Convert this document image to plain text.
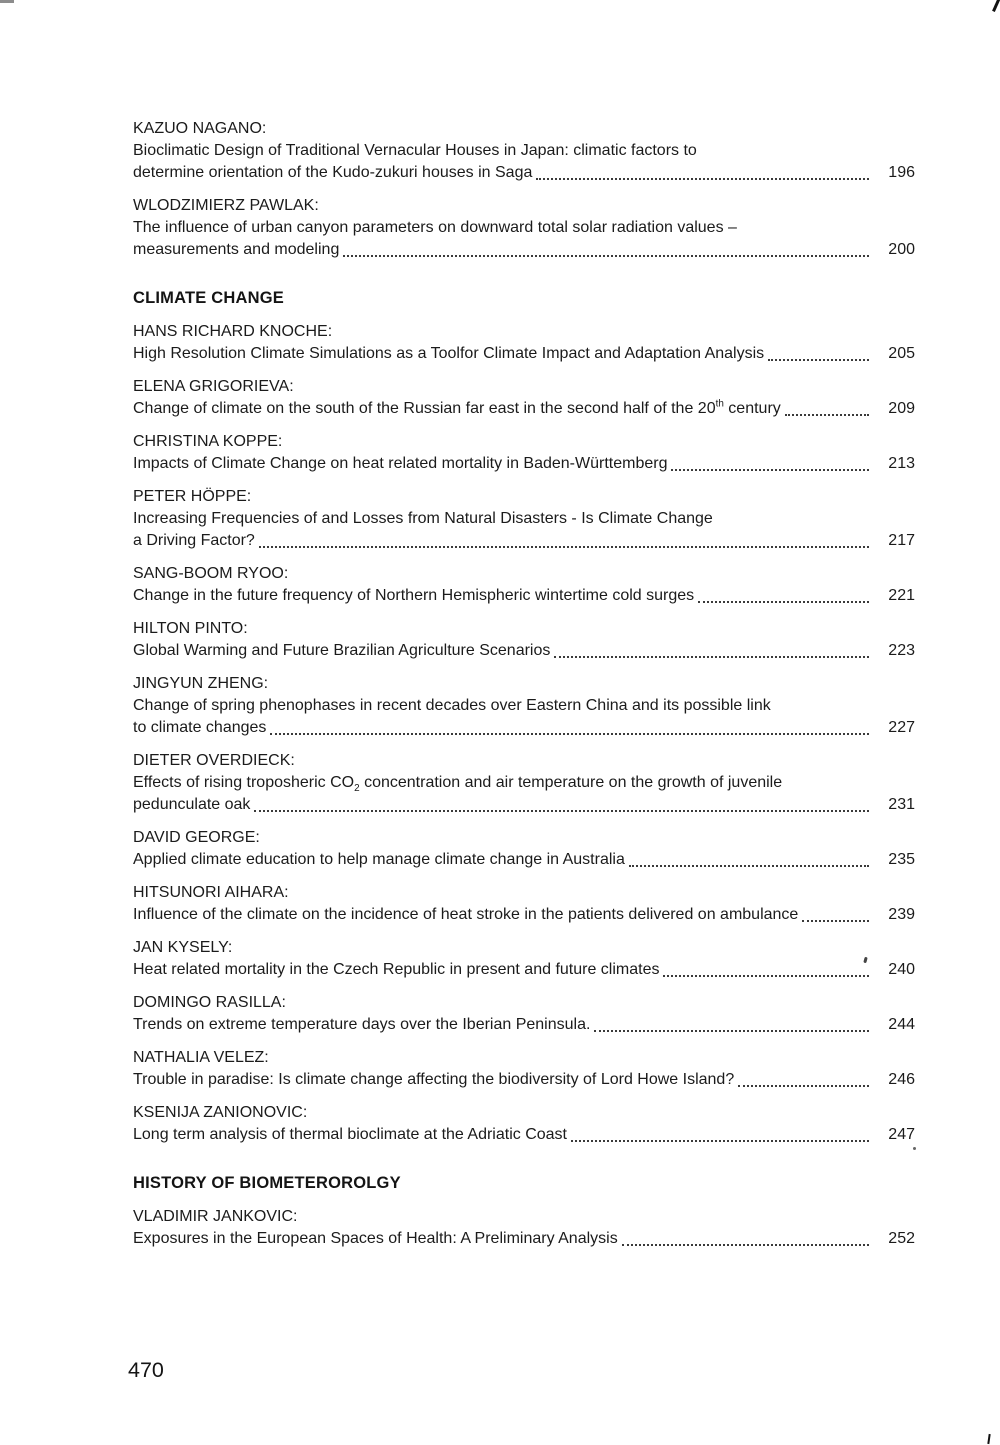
KAZUO NAGANO:
Bioclimatic Design of Traditional Vernacular Houses in Japan: climatic factors to
determine orientation of the Kudo-zukuri houses in Saga	196
WLODZIMIERZ PAWLAK:
The influence of urban canyon parameters on downward total solar radiation values –
measurements and modeling	200
CLIMATE CHANGE
HANS RICHARD KNOCHE:
High Resolution Climate Simulations as a Toolfor Climate Impact and Adaptation Analysis	205
ELENA GRIGORIEVA:
Change of climate on the south of the Russian far east in the second half of the 20th century	209
CHRISTINA KOPPE:
Impacts of Climate Change on heat related mortality in Baden-Württemberg	213
PETER HÖPPE:
Increasing Frequencies of and Losses from Natural Disasters - Is Climate Change
a Driving Factor?	217
SANG-BOOM RYOO:
Change in the future frequency of Northern Hemispheric wintertime cold surges	221
HILTON PINTO:
Global Warming and Future Brazilian Agriculture Scenarios	223
JINGYUN ZHENG:
Change of spring phenophases in recent decades over Eastern China and its possible link
to climate changes	227
DIETER OVERDIECK:
Effects of rising troposheric $CO_2$ concentration and air temperature on the growth of juvenile
pedunculate oak	231
DAVID GEORGE:
Applied climate education to help manage climate change in Australia	235
HITSUNORI AIHARA:
Influence of the climate on the incidence of heat stroke in the patients delivered on ambulance	239
JAN KYSELY:
Heat related mortality in the Czech Republic in present and future climates	240
DOMINGO RASILLA:
Trends on extreme temperature days over the Iberian Peninsula.	244
NATHALIA VELEZ:
Trouble in paradise: Is climate change affecting the biodiversity of Lord Howe Island?	246
KSENIJA ZANIONOVIC:
Long term analysis of thermal bioclimate at the Adriatic Coast	247
HISTORY OF BIOMETEROROLGY
VLADIMIR JANKOVIC:
Exposures in the European Spaces of Health: A Preliminary Analysis	252
470
